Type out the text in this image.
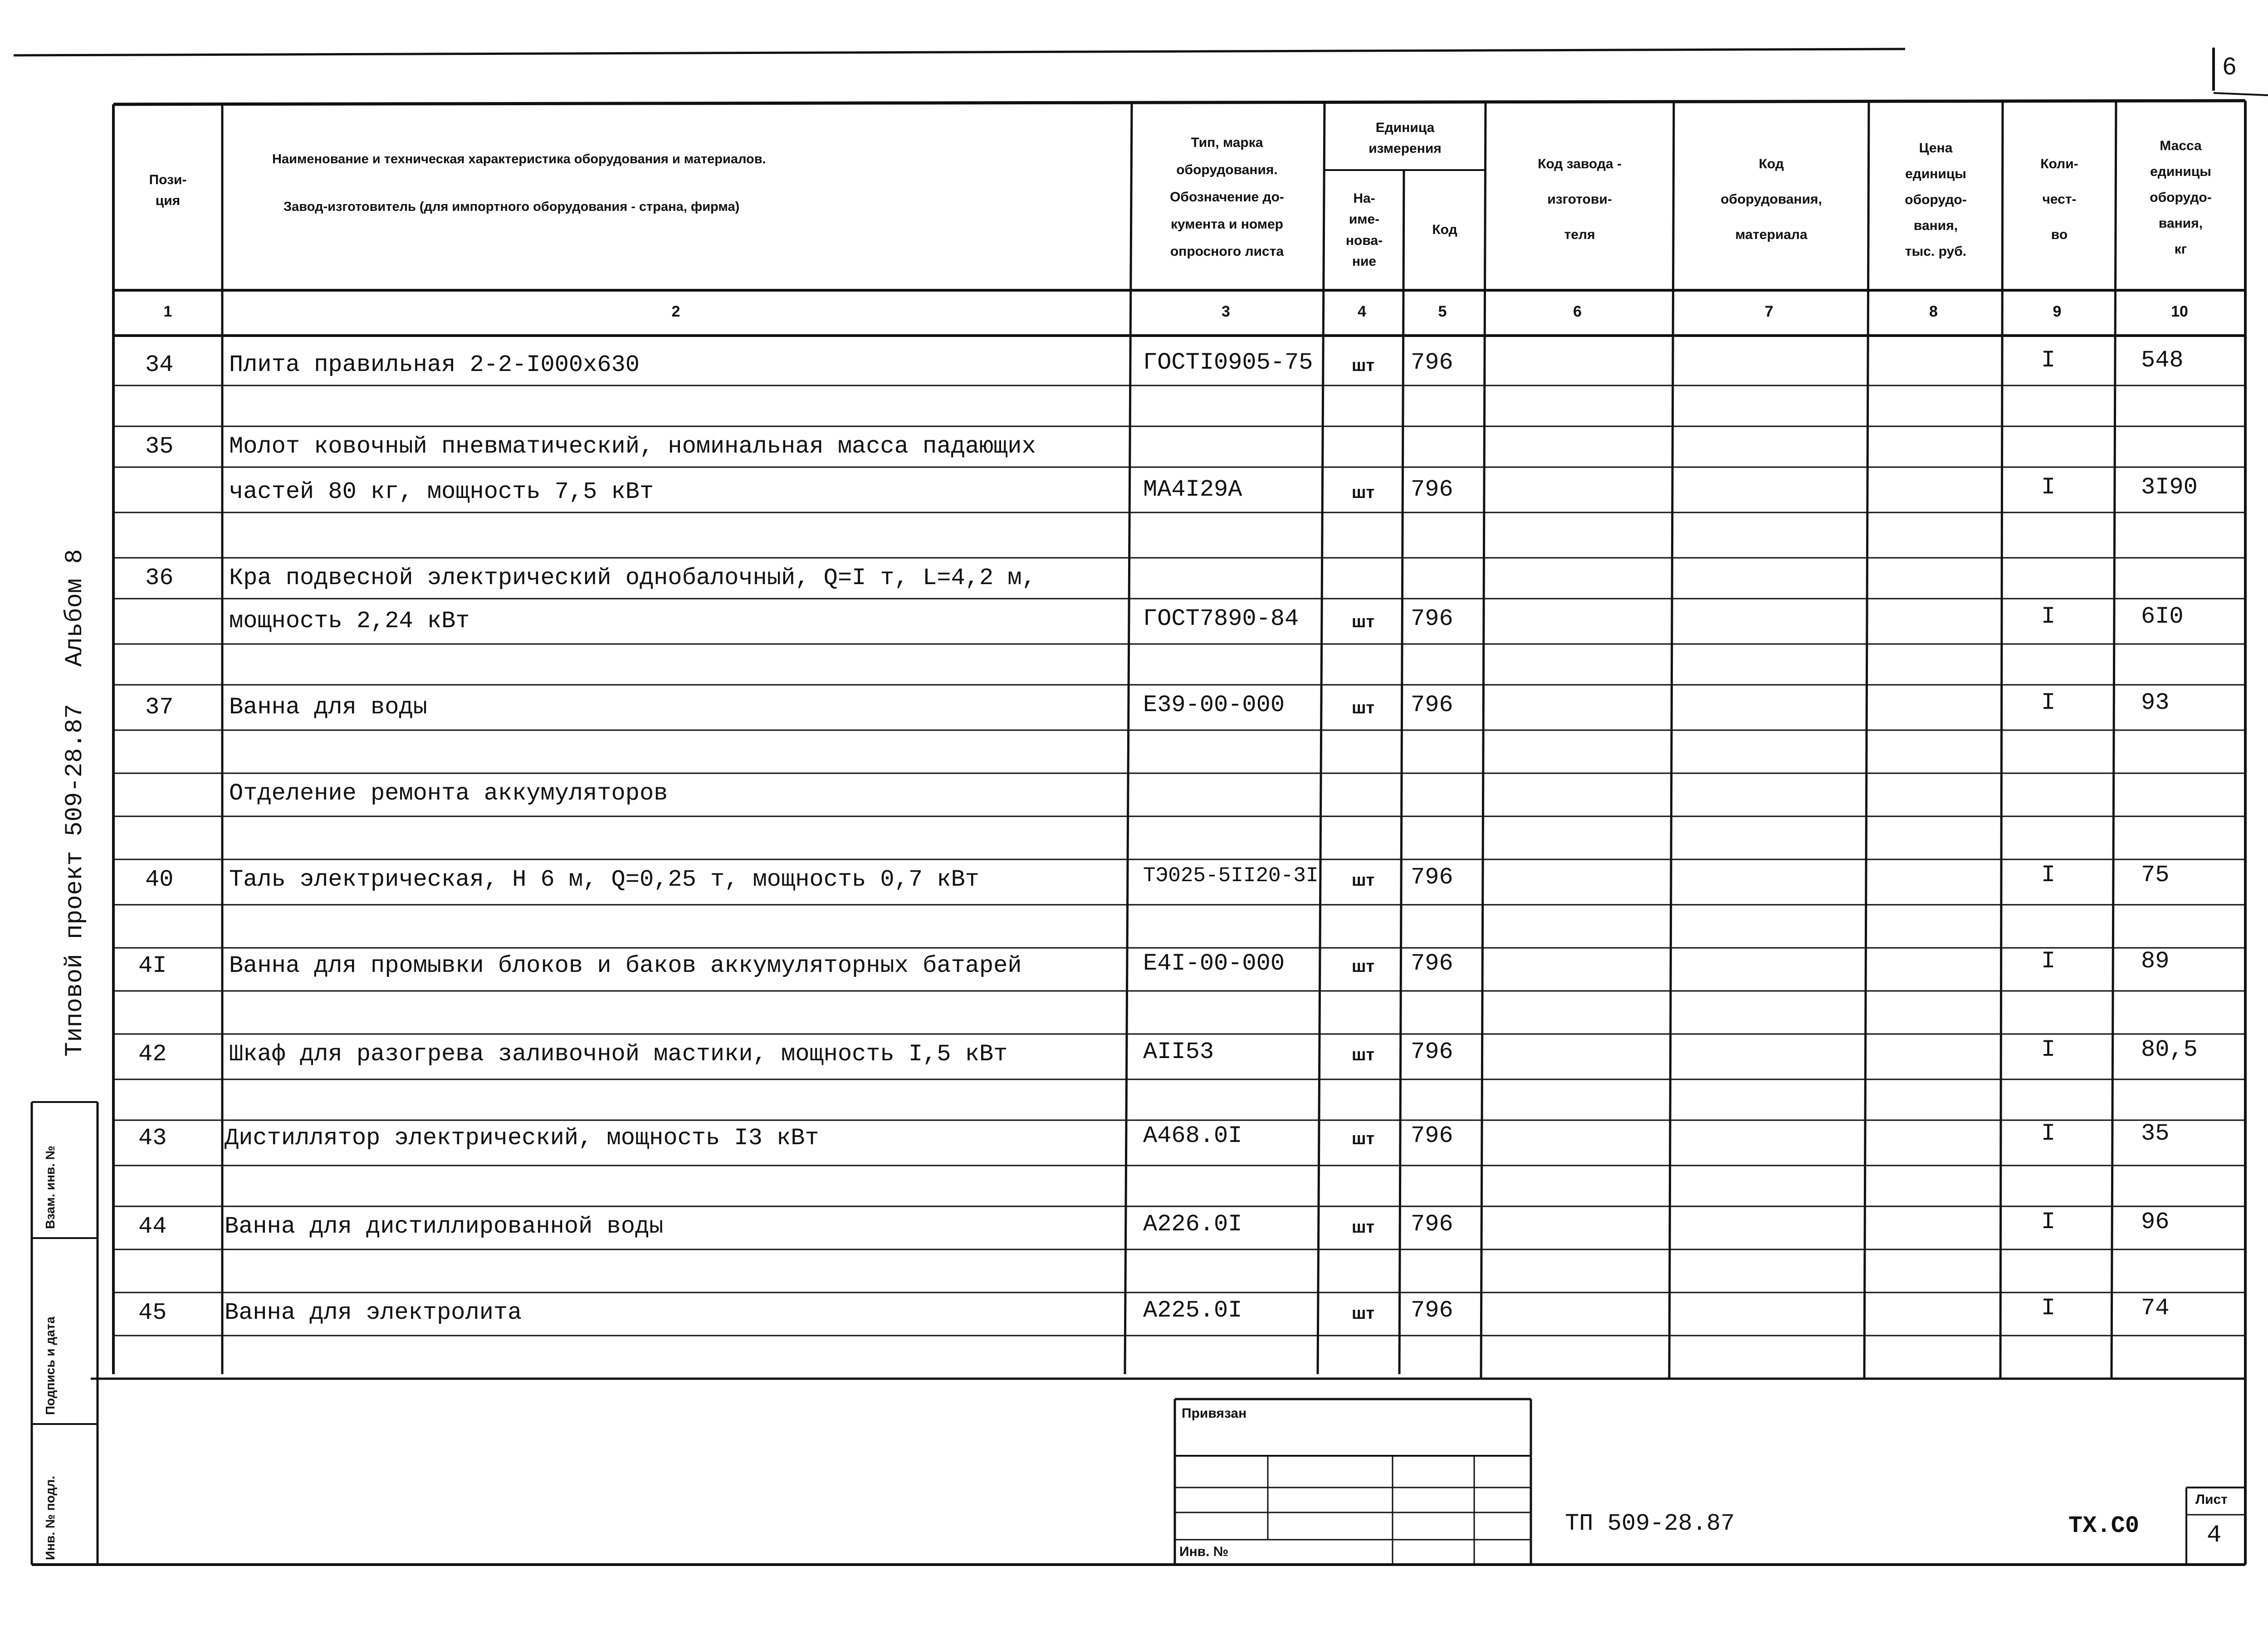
6
Альбом 8
Типовой проект 509-28.87
Взам. инв. №
Подпись и дата
Инв. № подл.
Пози-
ция
Наименование и техническая характеристика оборудования и материалов.
Завод-изготовитель (для импортного оборудования - страна, фирма)
Тип, марка
оборудования.
Обозначение до-
кумента и номер
опросного листа
Единица
измерения
На-
име-
нова-
ние
Код
Код завода -
изготови-
теля
Код
оборудования,
материала
Цена
единицы
оборудо-
вания,
тыс. руб.
Коли-
чест-
во
Масса
единицы
оборудо-
вания,
кг
1	2	3	4	5	6	7	8	9	10
34 Плита правильная 2-2-I000х630	ГОСТI0905-75	шт	796	I	548
35 Молот ковочный пневматический, номинальная масса падающих
частей 80 кг, мощность 7,5 кВт	МА4I29А	шт	796	I	3I90
36 Кра подвесной электрический однобалочный, Q=I т, L=4,2 м,
мощность 2,24 кВт	ГОСТ7890-84	шт	796	I	6I0
37 Ванна для воды	Е39-00-000	шт	796	I	93
Отделение ремонта аккумуляторов
40 Таль электрическая, Н 6 м, Q=0,25 т, мощность 0,7 кВт	ТЭ025-5II20-3I	шт	796	I	75
4I	Ванна для промывки блоков и баков аккумуляторных батарей	Е4I-00-000	шт	796	I	89
42	Шкаф для разогрева заливочной мастики, мощность I,5 кВт	АII53	шт	796	I	80,5
43 Дистиллятор электрический, мощность I3 кВт	А468.0I	шт	796	I	35
44 Ванна для дистиллированной воды	А226.0I	шт	796	I	96
45 Ванна для электролита	А225.0I	шт	796	I	74
Привязан
Инв. №
ТП 509-28.87	ТХ.С0
Лист
4
